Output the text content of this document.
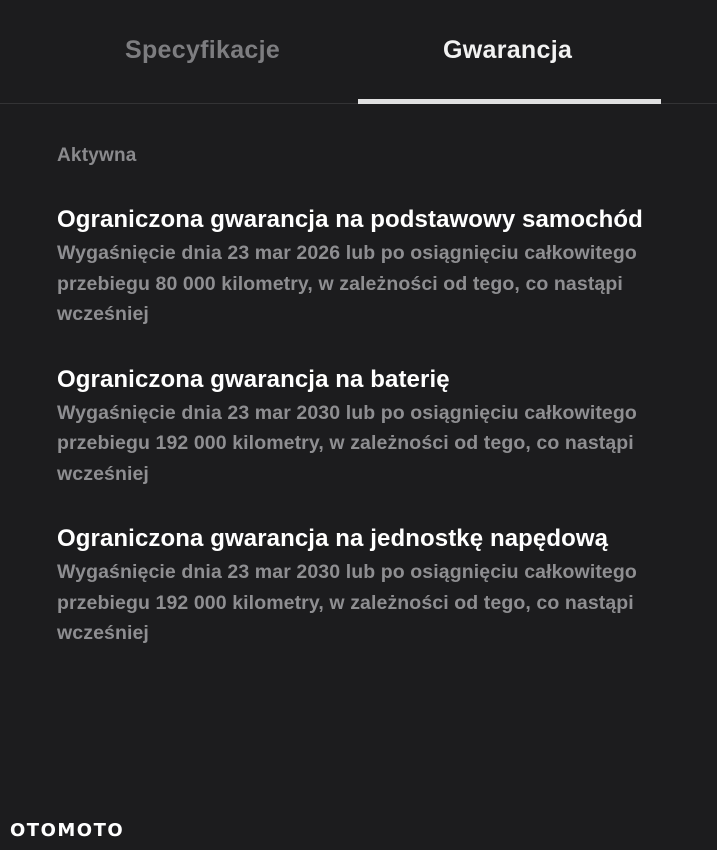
Specyfikacje	Gwarancja
Aktywna
Ograniczona gwarancja na podstawowy samochód
Wygaśnięcie dnia 23 mar 2026 lub po osiągnięciu całkowitego przebiegu 80 000 kilometry, w zależności od tego, co nastąpi wcześniej
Ograniczona gwarancja na baterię
Wygaśnięcie dnia 23 mar 2030 lub po osiągnięciu całkowitego przebiegu 192 000 kilometry, w zależności od tego, co nastąpi wcześniej
Ograniczona gwarancja na jednostkę napędową
Wygaśnięcie dnia 23 mar 2030 lub po osiągnięciu całkowitego przebiegu 192 000 kilometry, w zależności od tego, co nastąpi wcześniej
OTOMOTO
